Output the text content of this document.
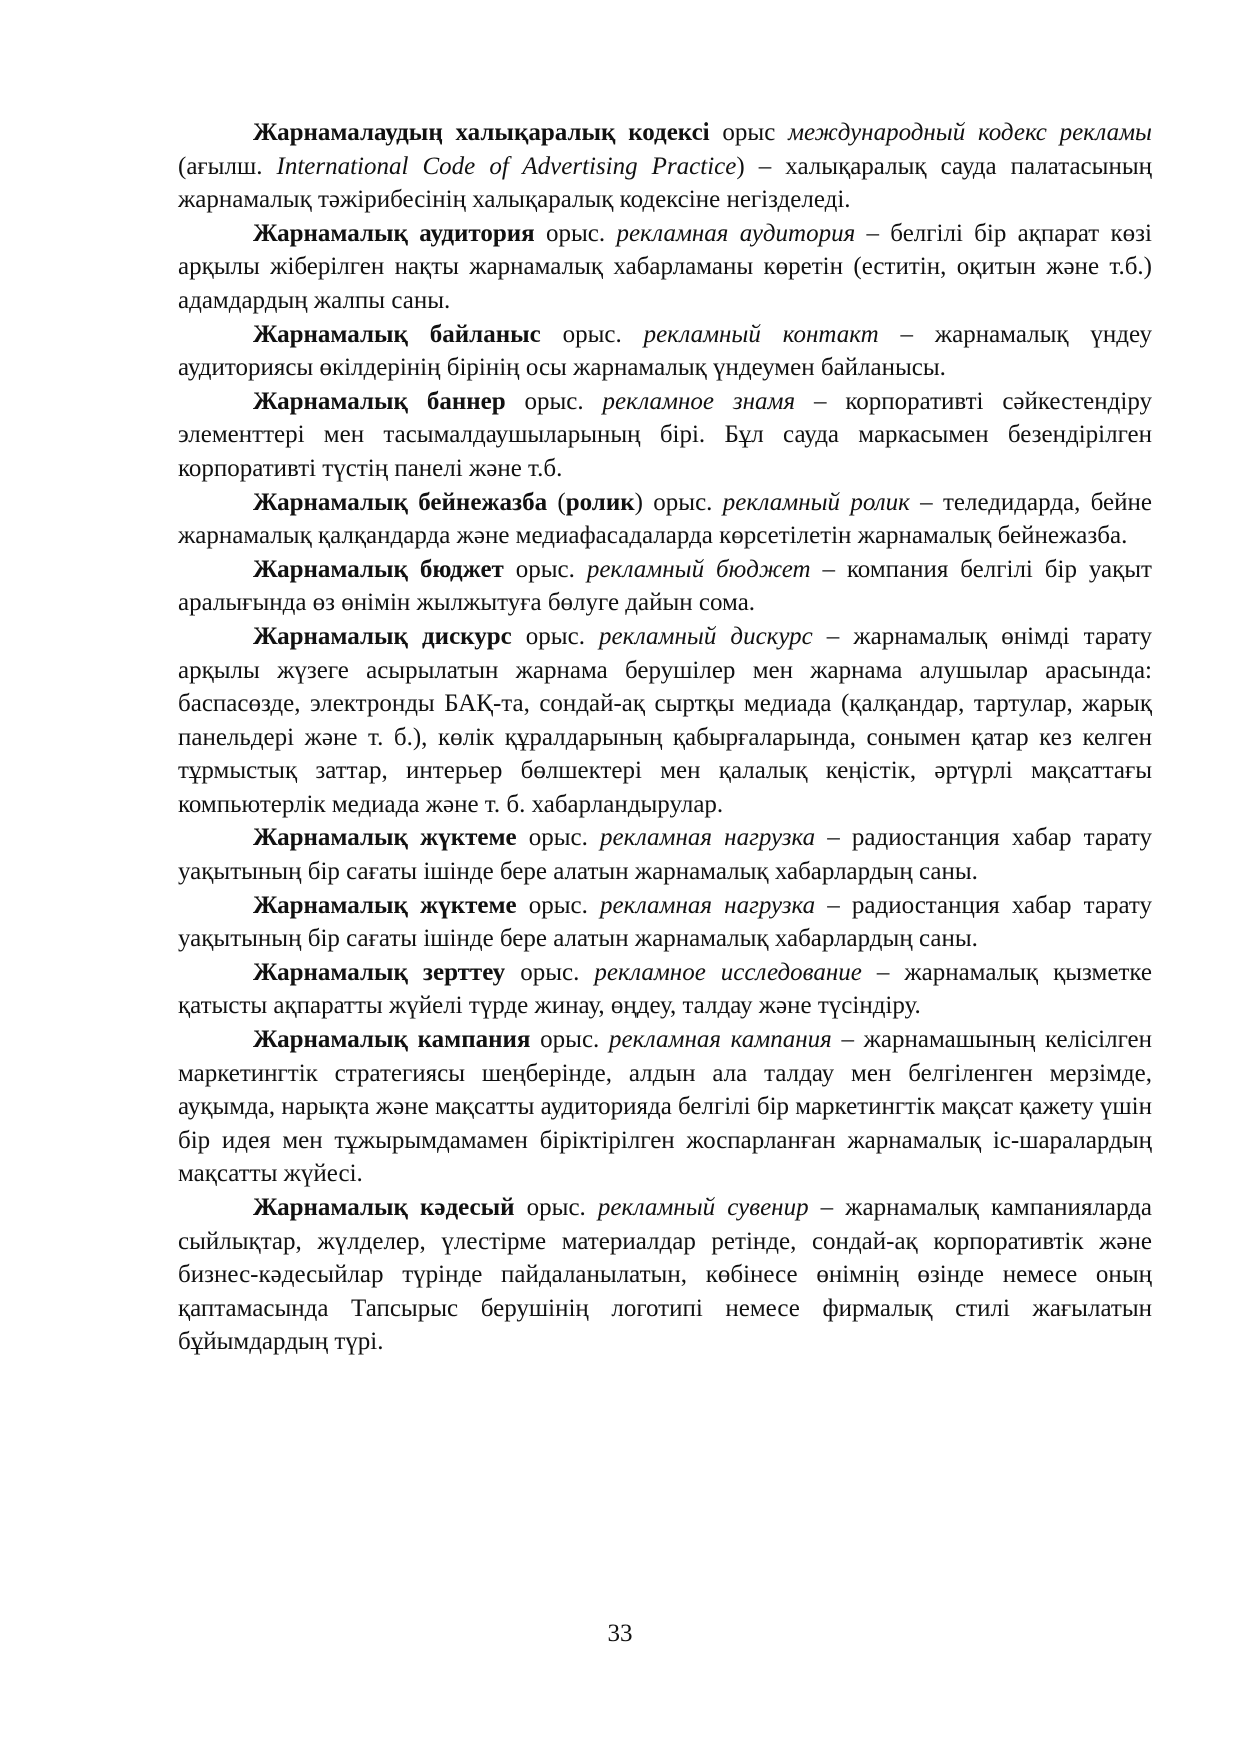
Жарнамалаудың халықаралық кодексі орыс международный кодекс рекламы (ағылш. International Code of Advertising Practice) – халықаралық сауда палатасының жарнамалық тәжірибесінің халықаралық кодексіне негізделеді.

Жарнамалық аудитория орыс. рекламная аудитория – белгілі бір ақпарат көзі арқылы жіберілген нақты жарнамалық хабарламаны көретін (еститін, оқитын және т.б.) адамдардың жалпы саны.

Жарнамалық байланыс орыс. рекламный контакт – жарнамалық үндеу аудиториясы өкілдерінің бірінің осы жарнамалық үндеумен байланысы.

Жарнамалық баннер орыс. рекламное знамя – корпоративті сәйкестендіру элементтері мен тасымалдаушыларының бірі. Бұл сауда маркасымен безендірілген корпоративті түстің панелі және т.б.

Жарнамалық бейнежазба (ролик) орыс. рекламный ролик – теледидарда, бейне жарнамалық қалқандарда және медиафасадаларда көрсетілетін жарнамалық бейнежазба.

Жарнамалық бюджет орыс. рекламный бюджет – компания белгілі бір уақыт аралығында өз өнімін жылжытуға бөлуге дайын сома.

Жарнамалық дискурс орыс. рекламный дискурс – жарнамалық өнімді тарату арқылы жүзеге асырылатын жарнама берушілер мен жарнама алушылар арасында: баспасөзде, электронды БАҚ-та, сондай-ақ сыртқы медиада (қалқандар, тартулар, жарық панельдері және т. б.), көлік құралдарының қабырғаларында, сонымен қатар кез келген тұрмыстық заттар, интерьер бөлшектері мен қалалық кеңістік, әртүрлі мақсаттағы компьютерлік медиада және т. б. хабарландырулар.

Жарнамалық жүктеме орыс. рекламная нагрузка – радиостанция хабар тарату уақытының бір сағаты ішінде бере алатын жарнамалық хабарлардың саны.

Жарнамалық жүктеме орыс. рекламная нагрузка – радиостанция хабар тарату уақытының бір сағаты ішінде бере алатын жарнамалық хабарлардың саны.

Жарнамалық зерттеу орыс. рекламное исследование – жарнамалық қызметке қатысты ақпаратты жүйелі түрде жинау, өңдеу, талдау және түсіндіру.

Жарнамалық кампания орыс. рекламная кампания – жарнамашының келісілген маркетингтік стратегиясы шеңберінде, алдын ала талдау мен белгіленген мерзімде, ауқымда, нарықта және мақсатты аудиторияда белгілі бір маркетингтік мақсат қажету үшін бір идея мен тұжырымдамамен біріктірілген жоспарланған жарнамалық іс-шаралардың мақсатты жүйесі.

Жарнамалық кәдесый орыс. рекламный сувенир – жарнамалық кампанияларда сыйлықтар, жүлделер, үлестірме материалдар ретінде, сондай-ақ корпоративтік және бизнес-кәдесыйлар түрінде пайдаланылатын, көбінесе өнімнің өзінде немесе оның қаптамасында Тапсырыс берушінің логотипі немесе фирмалық стилі жағылатын бұйымдардың түрі.

33
